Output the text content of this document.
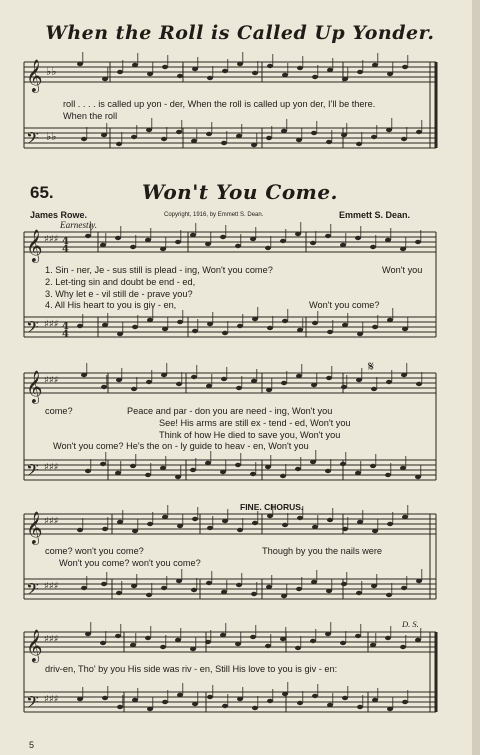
𝄞
𝄢
𝄞
𝄢
𝄞
𝄢
𝄞
𝄢
𝄞
𝄢
♭♭
♭♭
♯♯♯
♯♯♯
4
4
4
4
♯♯♯
♯♯♯
♯♯♯
♯♯♯
♯♯♯
♯♯♯
𝄋
When the Roll is Called Up Yonder.
roll . . . . is called up yon - der, When the roll is called up yon der, I'll be there.
When the roll
65.	Won't You Come.
James Rowe.	Copyright, 1916, by Emmett S. Dean.	Emmett S. Dean.
Earnestly.
1. Sin - ner, Je - sus still is plead - ing, Won't you come?	Won't you
2. Let-ting sin and doubt be end - ed,
3. Why let e - vil still de - prave you?
4. All His heart to you is giv - en,	Won't you come?
come?	Peace and par - don you are need - ing, Won't you
See! His arms are still ex - tend - ed, Won't you
Think of how He died to save you, Won't you
Won't you come? He's the on - ly guide to heav - en, Won't you
FINE. CHORUS.
come? won't you come?	Though by you the nails were
Won't you come? won't you come?
D. S.
driv-en, Tho' by you His side was riv - en, Still His love to you is giv - en:
5
